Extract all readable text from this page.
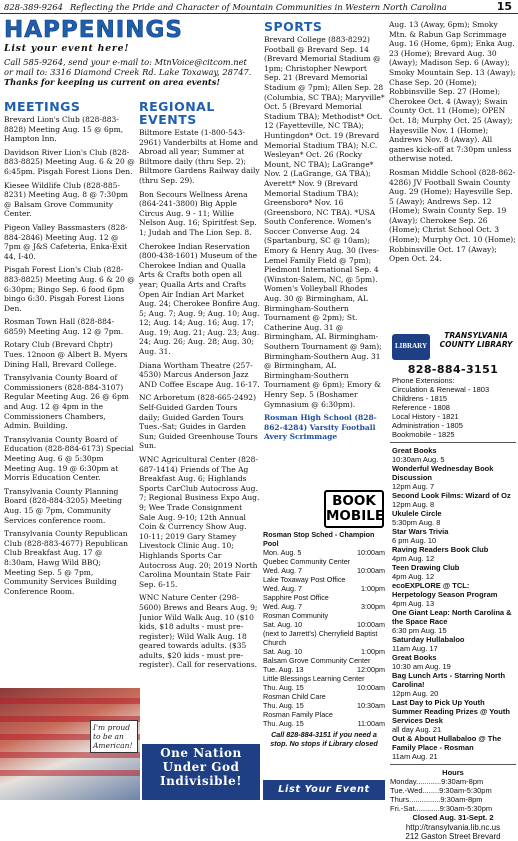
828-389-9264 Reflecting the Pride and Character of Mountain Communities in Western North Carolina	15
HAPPENINGS
List your event here!
Call 585-9264, send your e-mail to: MtnVoice@citcom.net
or mail to: 3316 Diamond Creek Rd. Lake Toxaway, 28747.
Thanks for keeping us current on area events!
MEETINGS
Brevard Lion's Club (828-883-8828) Meeting Aug. 15 @ 6pm, Hampton Inn.
Davidson River Lion's Club (828-883-8825) Meeting Aug. 6 & 20 @ 6:45pm. Pisgah Forest Lions Den.
Kiesee Wildlife Club (828-885-8231) Meeting Aug. 8 @ 7:30pm @ Balsam Grove Community Center.
Pigeon Valley Bassmasters (828-884-2846) Meeting Aug. 12 @ 7pm @ J&S Cafeteria, Enka-Exit 44, I-40.
Pisgah Forest Lion's Club (828-883-8825) Meeting Aug. 6 & 20 @ 6:30pm; Bingo Sep. 6 food 6pm bingo 6:30. Pisgah Forest Lions Den.
Rosman Town Hall (828-884-6859) Meeting Aug. 12 @ 7pm.
Rotary Club (Brevard Chptr) Tues. 12noon @ Albert B. Myers Dining Hall, Brevard College.
Transylvania County Board of Commissioners (828-884-3107) Regular Meeting Aug. 26 @ 6pm and Aug. 12 @ 4pm in the Commissioners Chambers, Admin. Building.
Transylvania County Board of Education (828-884-6173) Special Meeting Aug. 6 @ 5:30pm Meeting Aug. 19 @ 6:30pm at Morris Education Center.
Transylvania County Planning Board (828-884-3205) Meeting Aug. 15 @ 7pm, Community Services conference room.
Transylvania County Republican Club (828-883-4677) Republican Club Breakfast Aug. 17 @ 8:30am, Hawg Wild BBQ; Meeting Sep. 5 @ 7pm, Community Services Building Conference Room.
REGIONAL EVENTS
Biltmore Estate (1-800-543-2961) Vanderbilts at Home and Abroad all year; Summer at Biltmore daily (thru Sep. 2); Biltmore Gardens Railway daily (thru Sep. 29).
Bon Secours Wellness Arena (864-241-3800) Big Apple Circus Aug. 9 - 11; Willie Nelson Aug. 16; Spiritfest Sep. 1; Judah and The Lion Sep. 8.
Cherokee Indian Reservation (800-438-1601) Museum of the Cherokee Indian and Qualla Arts & Crafts both open all year; Qualla Arts and Crafts Open Air Indian Art Market Aug. 24; Cherokee Bonfire Aug. 5; Aug. 7; Aug. 9; Aug. 10; Aug. 12; Aug. 14; Aug. 16; Aug. 17; Aug. 19; Aug. 21; Aug. 23; Aug. 24; Aug. 26; Aug. 28; Aug. 30; Aug. 31.
Diana Wortham Theatre (257-4530) Marcus Anderson Jazz AND Coffee Escape Aug. 16-17.
NC Arboretum (828-665-2492) Self-Guided Garden Tours daily; Guided Garden Tours Tues.-Sat; Guides in Garden Sun; Guided Greenhouse Tours Sun.
WNC Agricultural Center (828-687-1414) Friends of The Ag Breakfast Aug. 6; Highlands Sports CarClub Autocross Aug. 7; Regional Business Expo Aug. 9; Wee Trade Consignment Sale Aug. 9-10; 12th Annual Coin & Currency Show Aug. 10-11; 2019 Gary Stamey Livestock Clinic Aug. 10; Highlands Sports Car Autocross Aug. 20; 2019 North Carolina Mountain State Fair Sep. 6-15.
WNC Nature Center (298-5600) Brews and Bears Aug. 9; Junior Wild Walk Aug. 10 ($10 kids, $18 adults - must pre-register); Wild Walk Aug. 18 geared towards adults. ($35 adults, $20 kids - must pre-register). Call for reservations.
I'm proud to be an American!
One Nation
Under God
Indivisible!
SPORTS
Brevard College (883-8292) Football @ Brevard Sep. 14 (Brevard Memorial Stadium @ 1pm; Christopher Newport Sep. 21 (Brevard Memorial Stadium @ 7pm); Allen Sep. 28 (Columbia, SC TBA); Maryville* Oct. 5 (Brevard Memorial Stadium TBA); Methodist* Oct. 12 (Fayetteville, NC TBA); Huntingdon* Oct. 19 (Brevard Memorial Stadium TBA); N.C. Wesleyan* Oct. 26 (Rocky Mount, NC TBA); LaGrange* Nov. 2 (LaGrange, GA TBA); Averett* Nov. 9 (Brevard Memorial Stadium TBA); Greensboro* Nov. 16 (Greensboro, NC TBA). *USA South Conference. Women's Soccer Converse Aug. 24 (Spartanburg, SC @ 10am); Emory & Henry Aug. 30 (Ives-Lemel Family Field @ 7pm); Piedmont International Sep. 4 (Winston-Salem, NC, @ 5pm). Women's Volleyball Rhodes Aug. 30 @ Birmingham, AL Birmingham-Southern Tournament @ 2pm); St. Catherine Aug. 31 @ Birmingham, AL Birmingham-Southern Tournament @ 9am); Birmingham-Southern Aug. 31 @ Birmingham, AL Birmingham-Southern Tournament @ 6pm); Emory & Henry Sep. 5 (Boshamer Gymnasium @ 6:30pm).
Rosman High School (828-862-4284) Varsity Football Avery Scrimmage
BOOK
MOBILE
Rosman Stop Sched - Champion Pool
Mon. Aug. 5	10:00am
Quebec Community Center
Wed. Aug. 7	10:00am
Lake Toxaway Post Office
Wed. Aug. 7	1:00pm
Sapphire Post Office
Wed. Aug. 7	3:00pm
Rosman Community
Sat. Aug. 10	10:00am
(next to Jarrett's) Cherryfield Baptist Church
Sat. Aug. 10	1:00pm
Balsam Grove Community Center
Tue. Aug. 13	12:00pm
Little Blessings Learning Center
Thu. Aug. 15	10:00am
Rosman Child Care
Thu. Aug. 15	10:30am
Rosman Family Place
Thu. Aug. 15	11:00am
Call 828-884-3151 if you need a stop. No stops if Library closed
List Your Event Here
Aug. 13 (Away, 6pm); Smoky Mtn. & Rabun Gap Scrimmage Aug. 16 (Home, 6pm); Enka Aug. 23 (Home); Brevard Aug. 30 (Away); Madison Sep. 6 (Away); Smoky Mountain Sep. 13 (Away); Chase Sep. 20 (Home); Robbinsville Sep. 27 (Home); Cherokee Oct. 4 (Away); Swain County Oct. 11 (Home); OPEN Oct. 18; Murphy Oct. 25 (Away); Hayesville Nov. 1 (Home); Andrews Nov. 8 (Away). All games kick-off at 7:30pm unless otherwise noted.
Rosman Middle School (828-862-4286) JV Football Swain County Aug. 29 (Home); Hayesville Sep. 5 (Away); Andrews Sep. 12 (Home); Swain County Sep. 19 (Away); Cherokee Sep. 26 (Home); Christ School Oct. 3 (Home); Murphy Oct. 10 (Home); Robbinsville Oct. 17 (Away); Open Oct. 24.
LIBRARY
TRANSYLVANIA COUNTY LIBRARY
828-884-3151
Phone Extensions:
Circulation & Renewal - 1803
Childrens - 1815
Reference - 1808
Local History - 1821
Administration - 1805
Bookmobile - 1825
Great Books
10:30am Aug. 5
Wonderful Wednesday Book Discussion
12pm Aug. 7
Second Look Films: Wizard of Oz
12pm Aug. 8
Ukulele Circle
5:30pm Aug. 8
Star Wars Trivia
6 pm Aug. 10
Raving Readers Book Club
4pm Aug. 12
Teen Drawing Club
4pm Aug. 12
ecoEXPLORE @ TCL: Herpetology Season Program
4pm Aug. 13
One Giant Leap: North Carolina & the Space Race
6:30 pm Aug. 15
Saturday Hullabaloo
11am Aug. 17
Great Books
10:30 am Aug. 19
Bag Lunch Arts - Starring North Carolina!
12pm Aug. 20
Last Day to Pick Up Youth Summer Reading Prizes @ Youth Services Desk
all day Aug. 21
Out & About Hullabaloo @ The Family Place - Rosman
11am Aug. 21
Hours
Monday............9:30am-8pm
Tue.-Wed........9:30am-5:30pm
Thurs...............9:30am-8pm
Fri.-Sat............9:30am-5:30pm
Closed Aug. 31-Sept. 2
http://transylvania.lib.nc.us
212 Gaston Street Brevard
